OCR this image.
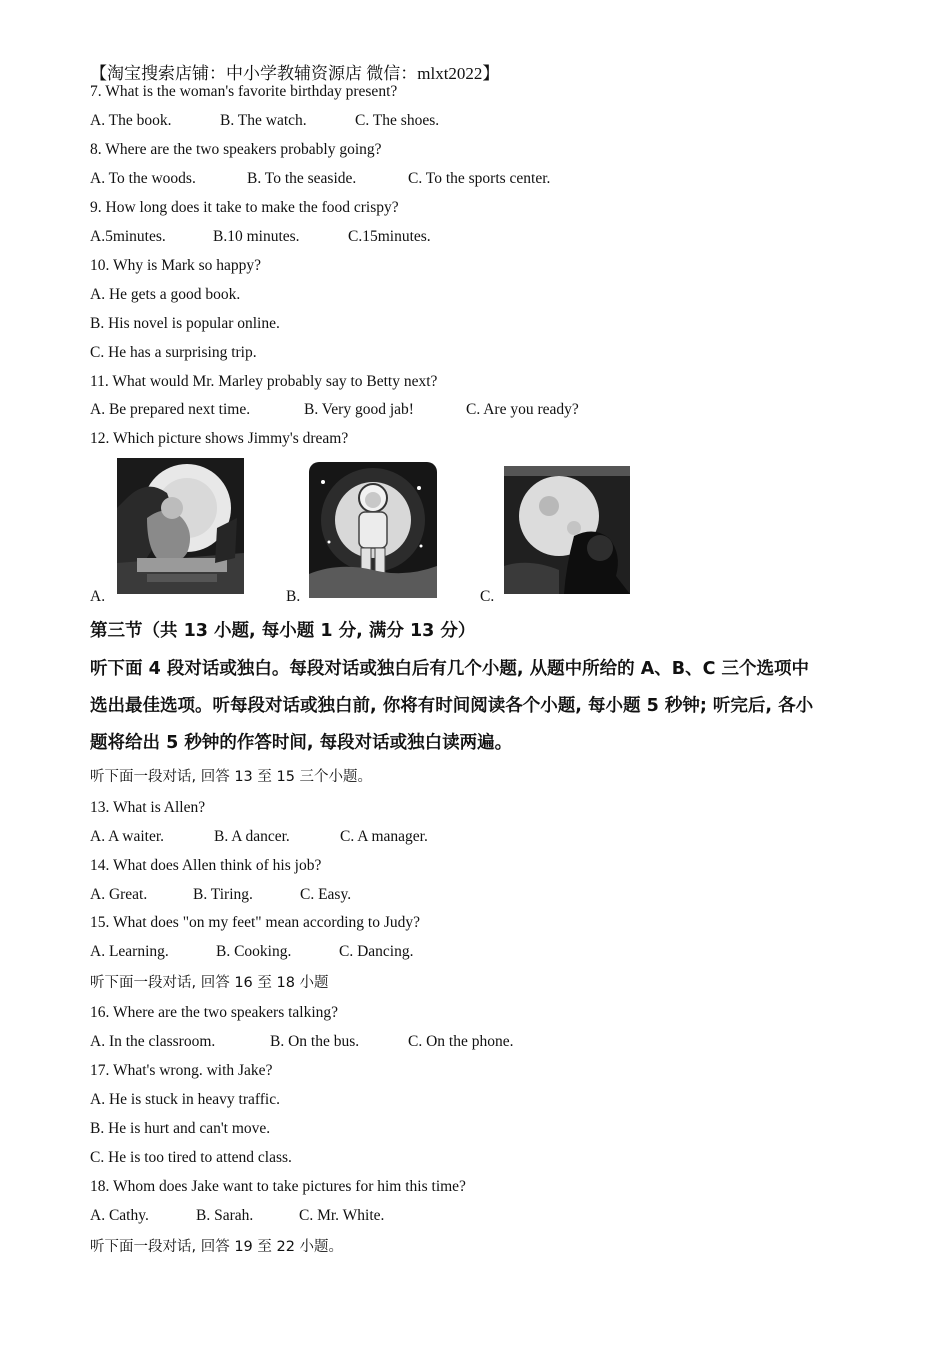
【淘宝搜索店铺：中小学教辅资源店 微信：mlxt2022】
7. What is the woman's favorite birthday present?
A. The book.	B. The watch.	C. The shoes.
8. Where are the two speakers probably going?
A. To the woods.	B. To the seaside.	C. To the sports center.
9. How long does it take to make the food crispy?
A.5minutes.	B.10 minutes.	C.15minutes.
10. Why is Mark so happy?
A. He gets a good book.
B. His novel is popular online.
C. He has a surprising trip.
11. What would Mr. Marley probably say to Betty next?
A. Be prepared next time.	B. Very good jab!	C. Are you ready?
12. Which picture shows Jimmy's dream?
A.	B.	C.
第三节（共 13 小题, 每小题 1 分, 满分 13 分）
听下面 4 段对话或独白。每段对话或独白后有几个小题, 从题中所给的 A、B、C 三个选项中
选出最佳选项。听每段对话或独白前, 你将有时间阅读各个小题, 每小题 5 秒钟; 听完后, 各小
题将给出 5 秒钟的作答时间, 每段对话或独白读两遍。
听下面一段对话, 回答 13 至 15 三个小题。
13. What is Allen?
A. A waiter.	B. A dancer.	C. A manager.
14. What does Allen think of his job?
A. Great.	B. Tiring.	C. Easy.
15. What does "on my feet" mean according to Judy?
A. Learning.	B. Cooking.	C. Dancing.
听下面一段对话, 回答 16 至 18 小题
16. Where are the two speakers talking?
A. In the classroom.	B. On the bus.	C. On the phone.
17. What's wrong. with Jake?
A. He is stuck in heavy traffic.
B. He is hurt and can't move.
C. He is too tired to attend class.
18. Whom does Jake want to take pictures for him this time?
A. Cathy.	B. Sarah.	C. Mr. White.
听下面一段对话, 回答 19 至 22 小题。
